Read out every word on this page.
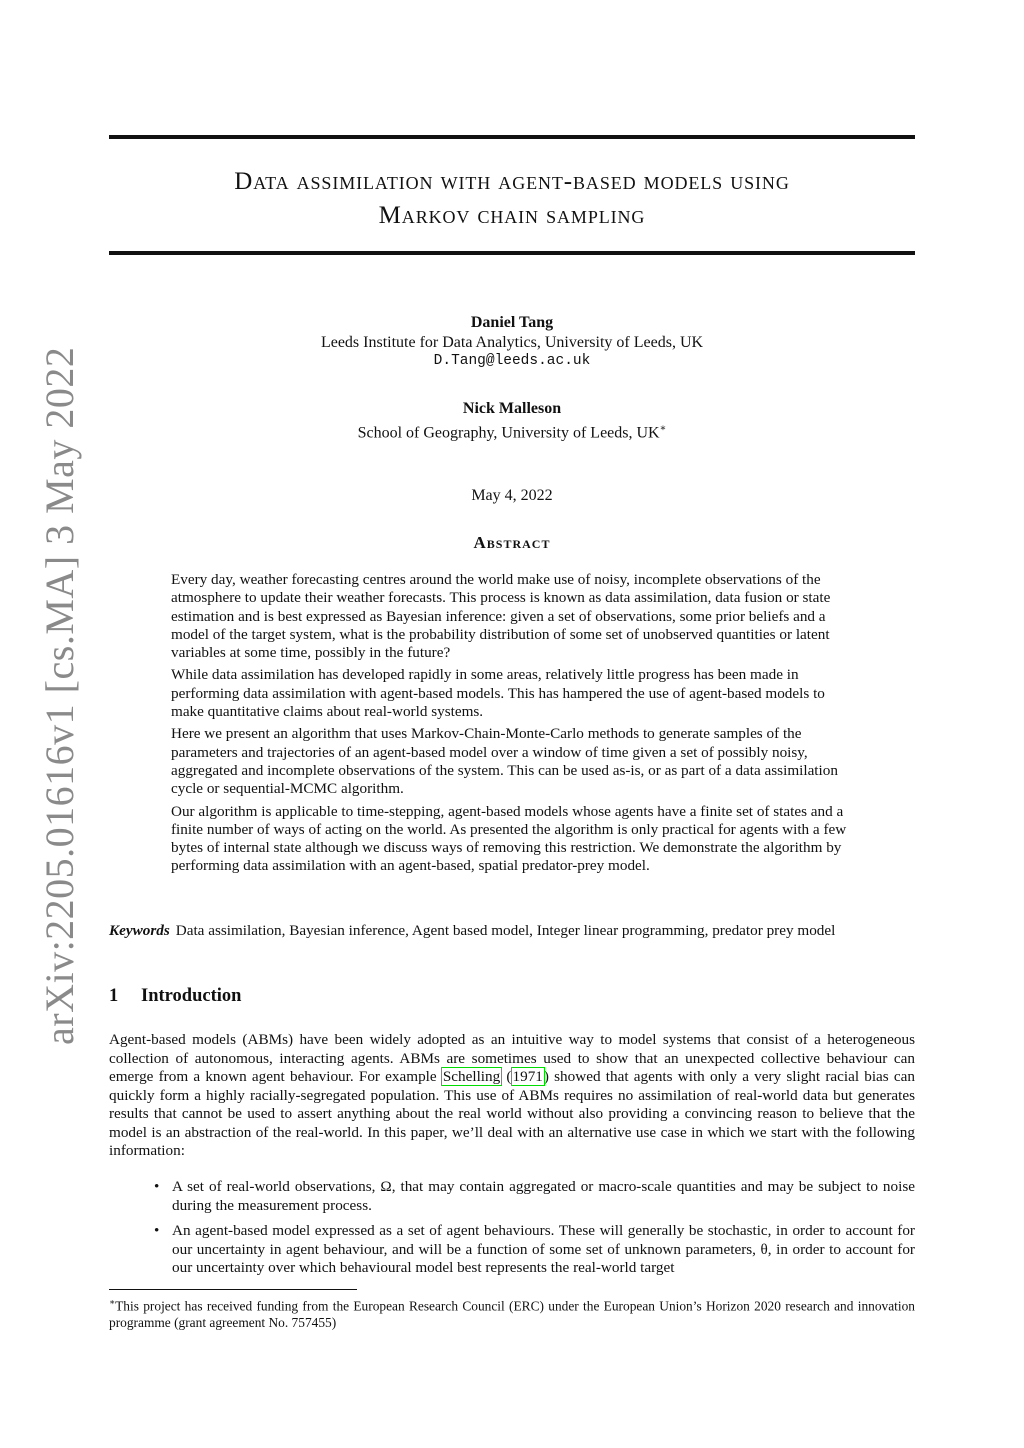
arXiv:2205.01616v1 [cs.MA] 3 May 2022
Data assimilation with agent-based models using
Markov chain sampling
Daniel Tang
Leeds Institute for Data Analytics, University of Leeds, UK
D.Tang@leeds.ac.uk
Nick Malleson
School of Geography, University of Leeds, UK∗
May 4, 2022
Abstract

Every day, weather forecasting centres around the world make use of noisy, incomplete observations of the atmosphere to update their weather forecasts. This process is known as data assimilation, data fusion or state estimation and is best expressed as Bayesian inference: given a set of observations, some prior beliefs and a model of the target system, what is the probability distribution of some set of unobserved quantities or latent variables at some time, possibly in the future?

While data assimilation has developed rapidly in some areas, relatively little progress has been made in performing data assimilation with agent-based models. This has hampered the use of agent-based models to make quantitative claims about real-world systems.

Here we present an algorithm that uses Markov-Chain-Monte-Carlo methods to generate samples of the parameters and trajectories of an agent-based model over a window of time given a set of possibly noisy, aggregated and incomplete observations of the system. This can be used as-is, or as part of a data assimilation cycle or sequential-MCMC algorithm.

Our algorithm is applicable to time-stepping, agent-based models whose agents have a finite set of states and a finite number of ways of acting on the world. As presented the algorithm is only practical for agents with a few bytes of internal state although we discuss ways of removing this restriction. We demonstrate the algorithm by performing data assimilation with an agent-based, spatial predator-prey model.

Keywords Data assimilation, Bayesian inference, Agent based model, Integer linear programming, predator prey model
1 Introduction

Agent-based models (ABMs) have been widely adopted as an intuitive way to model systems that consist of a heterogeneous collection of autonomous, interacting agents. ABMs are sometimes used to show that an unexpected collective behaviour can emerge from a known agent behaviour. For example Schelling (1971) showed that agents with only a very slight racial bias can quickly form a highly racially-segregated population. This use of ABMs requires no assimilation of real-world data but generates results that cannot be used to assert anything about the real world without also providing a convincing reason to believe that the model is an abstraction of the real-world. In this paper, we’ll deal with an alternative use case in which we start with the following information:

• A set of real-world observations, Ω, that may contain aggregated or macro-scale quantities and may be subject to noise during the measurement process.
• An agent-based model expressed as a set of agent behaviours. These will generally be stochastic, in order to account for our uncertainty in agent behaviour, and will be a function of some set of unknown parameters, θ, in order to account for our uncertainty over which behavioural model best represents the real-world target

∗This project has received funding from the European Research Council (ERC) under the European Union’s Horizon 2020 research and innovation programme (grant agreement No. 757455)
